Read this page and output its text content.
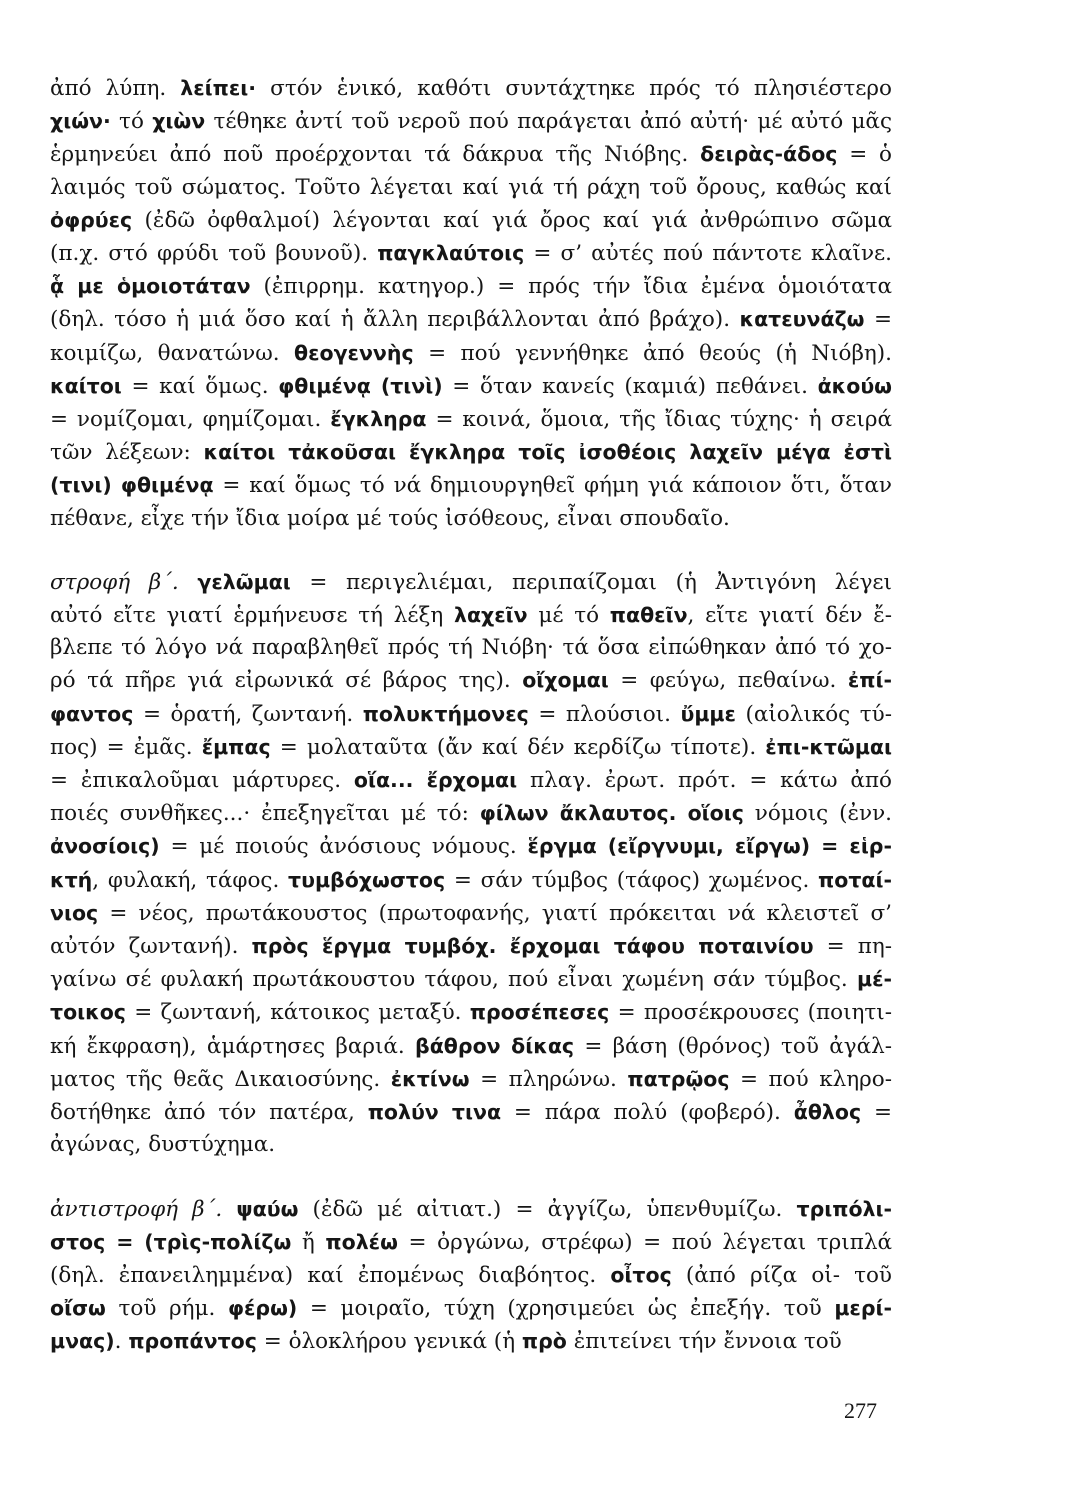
ἀπό λύπη. λείπει· στόν ἑνικό, καθότι συντάχτηκε πρός τό πλησιέστερο
χιών· τό χιὼν τέθηκε ἀντί τοῦ νεροῦ πού παράγεται ἀπό αὐτή· μέ αὐτό μᾶς
ἑρμηνεύει ἀπό ποῦ προέρχονται τά δάκρυα τῆς Νιόβης. δειρὰς-άδος = ὁ
λαιμός τοῦ σώματος. Τοῦτο λέγεται καί γιά τή ράχη τοῦ ὄρους, καθώς καί
ὀφρύες (ἐδῶ ὀφθαλμοί) λέγονται καί γιά ὄρος καί γιά ἀνθρώπινο σῶμα
(π.χ. στό φρύδι τοῦ βουνοῦ). παγκλαύτοις = σ’ αὐτές πού πάντοτε κλαῖνε.
ᾇ με ὁμοιοτάταν (ἐπιρρημ. κατηγορ.) = πρός τήν ἴδια ἐμένα ὁμοιότατα
(δηλ. τόσο ἡ μιά ὅσο καί ἡ ἄλλη περιβάλλονται ἀπό βράχο). κατευνάζω =
κοιμίζω, θανατώνω. θεογεννὴς = πού γεννήθηκε ἀπό θεούς (ἡ Νιόβη).
καίτοι = καί ὅμως. φθιμένᾳ (τινὶ) = ὅταν κανείς (καμιά) πεθάνει. ἀκούω
= νομίζομαι, φημίζομαι. ἔγκληρα = κοινά, ὅμοια, τῆς ἴδιας τύχης· ἡ σειρά
τῶν λέξεων: καίτοι τἀκοῦσαι ἔγκληρα τοῖς ἰσοθέοις λαχεῖν μέγα ἐστὶ
(τινι) φθιμένᾳ = καί ὅμως τό νά δημιουργηθεῖ φήμη γιά κάποιον ὅτι, ὅταν
πέθανε, εἶχε τήν ἴδια μοίρα μέ τούς ἰσόθεους, εἶναι σπουδαῖο.
στροφή β΄. γελῶμαι = περιγελιέμαι, περιπαίζομαι (ἡ Ἀντιγόνη λέγει
αὐτό εἴτε γιατί ἑρμήνευσε τή λέξη λαχεῖν μέ τό παθεῖν, εἴτε γιατί δέν ἔ-
βλεπε τό λόγο νά παραβληθεῖ πρός τή Νιόβη· τά ὅσα εἰπώθηκαν ἀπό τό χο-
ρό τά πῆρε γιά εἰρωνικά σέ βάρος της). οἴχομαι = φεύγω, πεθαίνω. ἐπί-
φαντος = ὁρατή, ζωντανή. πολυκτήμονες = πλούσιοι. ὔμμε (αἰολικός τύ-
πος) = ἐμᾶς. ἔμπας = μολαταῦτα (ἄν καί δέν κερδίζω τίποτε). ἐπι-κτῶμαι
= ἐπικαλοῦμαι μάρτυρες. οἵα... ἔρχομαι πλαγ. ἐρωτ. πρότ. = κάτω ἀπό
ποιές συνθῆκες...· ἐπεξηγεῖται μέ τό: φίλων ἄκλαυτος. οἵοις νόμοις (ἐνν.
ἀνοσίοις) = μέ ποιούς ἀνόσιους νόμους. ἕργμα (εἴργνυμι, εἴργω) = εἱρ-
κτή, φυλακή, τάφος. τυμβόχωστος = σάν τύμβος (τάφος) χωμένος. ποταί-
νιος = νέος, πρωτάκουστος (πρωτοφανής, γιατί πρόκειται νά κλειστεῖ σ’
αὐτόν ζωντανή). πρὸς ἕργμα τυμβόχ. ἔρχομαι τάφου ποταινίου = πη-
γαίνω σέ φυλακή πρωτάκουστου τάφου, πού εἶναι χωμένη σάν τύμβος. μέ-
τοικος = ζωντανή, κάτοικος μεταξύ. προσέπεσες = προσέκρουσες (ποιητι-
κή ἔκφραση), ἁμάρτησες βαριά. βάθρον δίκας = βάση (θρόνος) τοῦ ἀγάλ-
ματος τῆς θεᾶς Δικαιοσύνης. ἐκτίνω = πληρώνω. πατρῷος = πού κληρο-
δοτήθηκε ἀπό τόν πατέρα, πολύν τινα = πάρα πολύ (φοβερό). ἆθλος =
ἀγώνας, δυστύχημα.
ἀντιστροφή β΄. ψαύω (ἐδῶ μέ αἰτιατ.) = ἀγγίζω, ὑπενθυμίζω. τριπόλι-
στος = (τρὶς-πολίζω ἤ πολέω = ὀργώνω, στρέφω) = πού λέγεται τριπλά
(δηλ. ἐπανειλημμένα) καί ἐπομένως διαβόητος. οἶτος (ἀπό ρίζα οἰ- τοῦ
οἴσω τοῦ ρήμ. φέρω) = μοιραῖο, τύχη (χρησιμεύει ὡς ἐπεξήγ. τοῦ μερί-
μνας). προπάντος = ὁλοκλήρου γενικά (ἡ πρὸ ἐπιτείνει τήν ἔννοια τοῦ
277
